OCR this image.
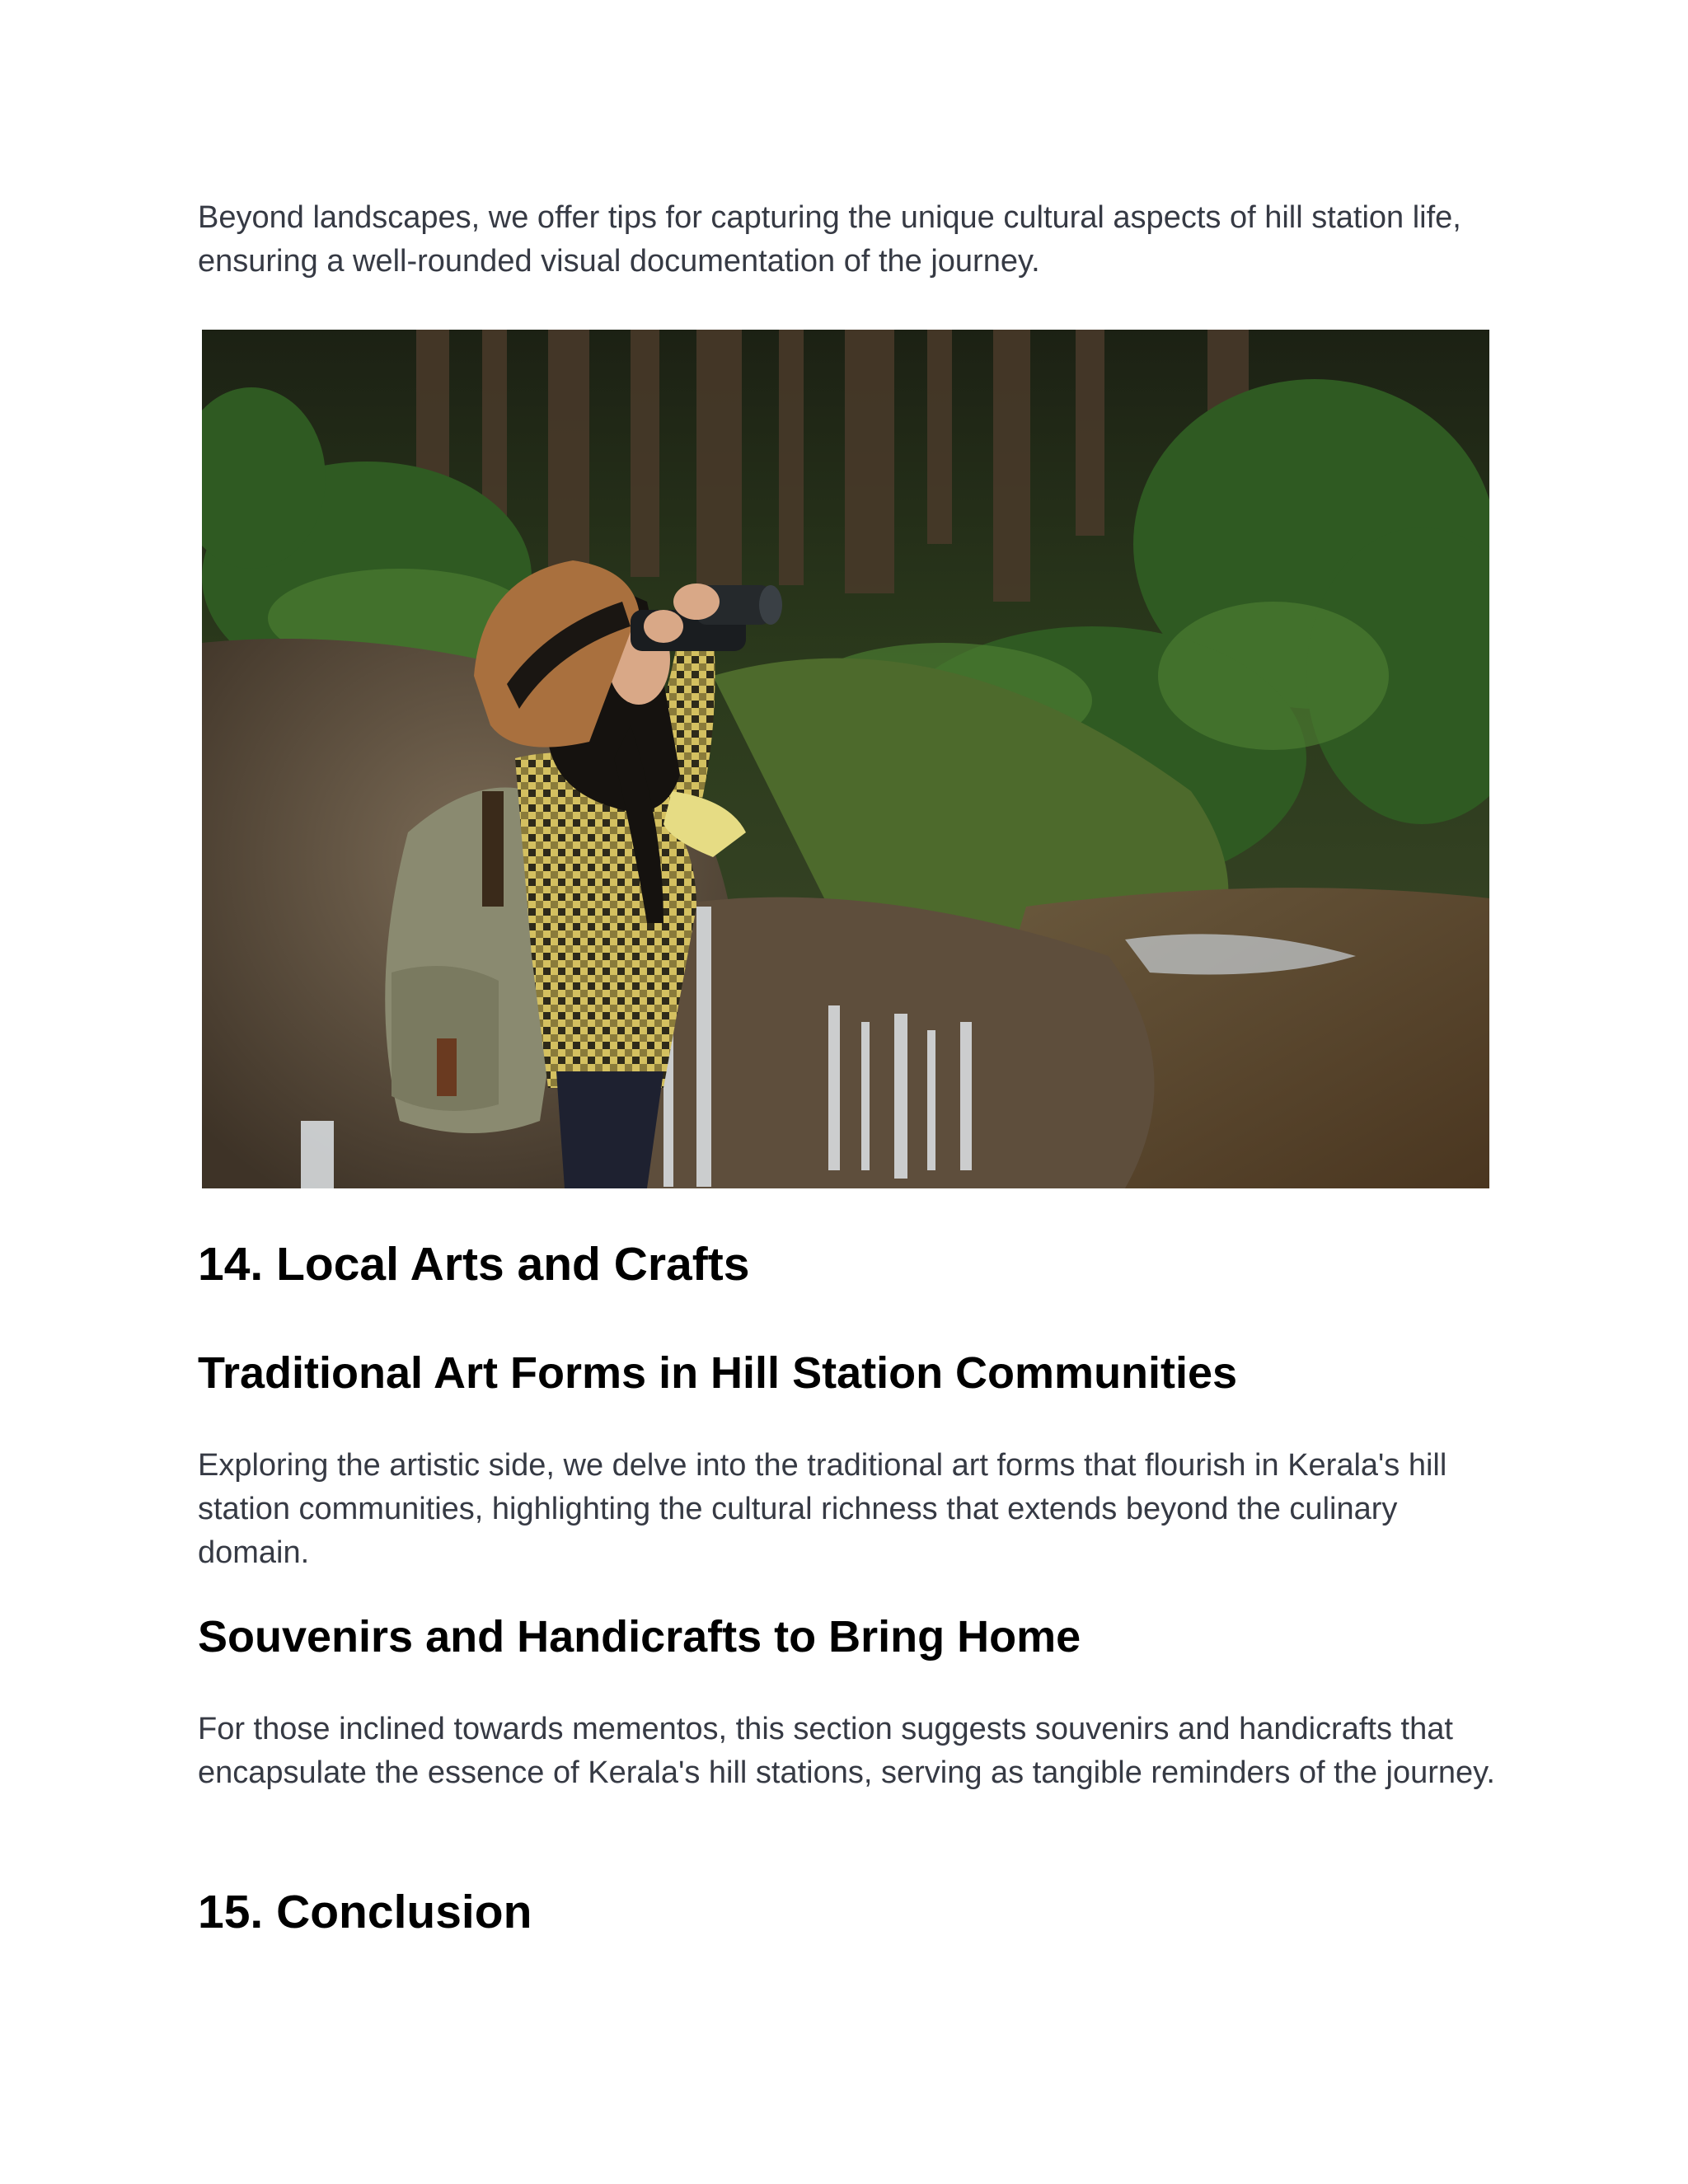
Beyond landscapes, we offer tips for capturing the unique cultural aspects of hill station life, ensuring a well-rounded visual documentation of the journey.

14. Local Arts and Crafts
Traditional Art Forms in Hill Station Communities

Exploring the artistic side, we delve into the traditional art forms that flourish in Kerala's hill station communities, highlighting the cultural richness that extends beyond the culinary domain.

Souvenirs and Handicrafts to Bring Home

For those inclined towards mementos, this section suggests souvenirs and handicrafts that encapsulate the essence of Kerala's hill stations, serving as tangible reminders of the journey.

15. Conclusion
